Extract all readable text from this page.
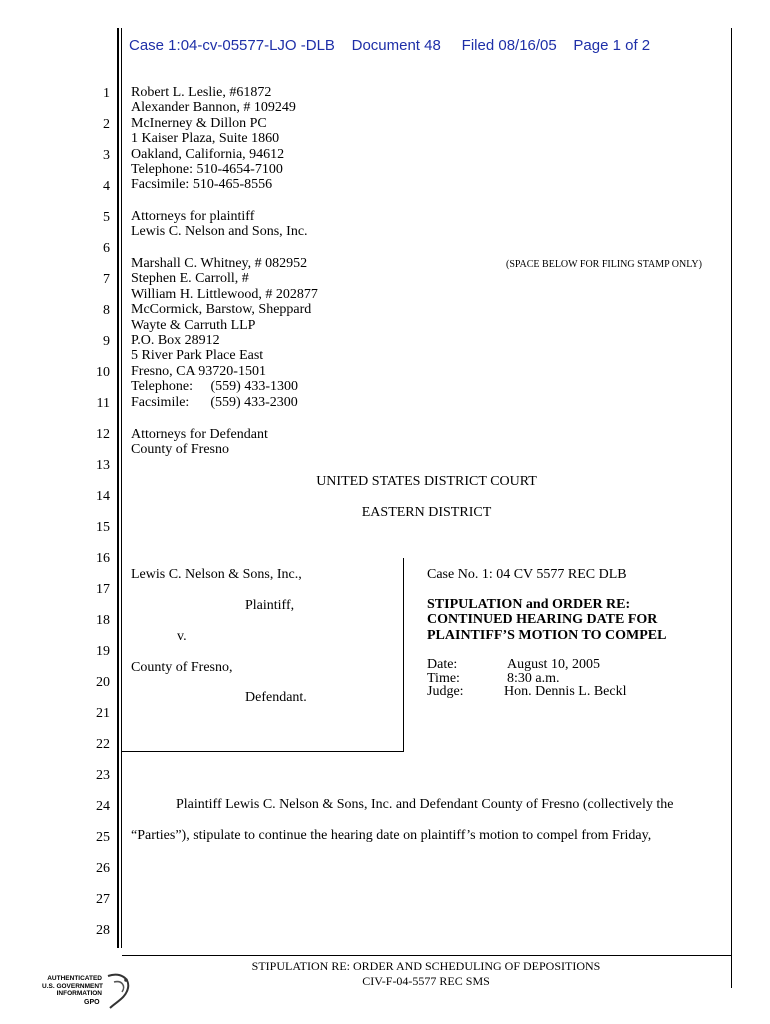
Case 1:04-cv-05577-LJO -DLB Document 48 Filed 08/16/05 Page 1 of 2
1
2
3
4
5
6
7
8
9
10
11
12
13
14
15
16
17
18
19
20
21
22
23
24
25
26
27
28
Robert L. Leslie, #61872
Alexander Bannon, # 109249
McInerney & Dillon PC
1 Kaiser Plaza, Suite 1860
Oakland, California, 94612
Telephone: 510-4654-7100
Facsimile: 510-465-8556
Attorneys for plaintiff
Lewis C. Nelson and Sons, Inc.
(SPACE BELOW FOR FILING STAMP ONLY)
Marshall C. Whitney, # 082952
Stephen E. Carroll, #
William H. Littlewood, # 202877
McCormick, Barstow, Sheppard
Wayte & Carruth LLP
P.O. Box 28912
5 River Park Place East
Fresno, CA 93720-1501
Telephone:     (559) 433-1300
Facsimile:      (559) 433-2300
Attorneys for Defendant
County of Fresno
UNITED STATES DISTRICT COURT
EASTERN DISTRICT
Lewis C. Nelson & Sons, Inc.,
Plaintiff,
v.
County of Fresno,
Defendant.
Case No. 1: 04 CV 5577 REC DLB
STIPULATION and ORDER RE:
CONTINUED HEARING DATE FOR
PLAINTIFF’S MOTION TO COMPEL
Date:	August 10, 2005
Time:	8:30 a.m.
Judge:	Hon. Dennis L. Beckl
Plaintiff Lewis C. Nelson & Sons, Inc. and Defendant County of Fresno (collectively the
“Parties”), stipulate to continue the hearing date on plaintiff’s motion to compel from Friday,
STIPULATION RE: ORDER AND SCHEDULING OF DEPOSITIONS
CIV-F-04-5577 REC SMS
AUTHENTICATED
U.S. GOVERNMENT
INFORMATION
GPO
